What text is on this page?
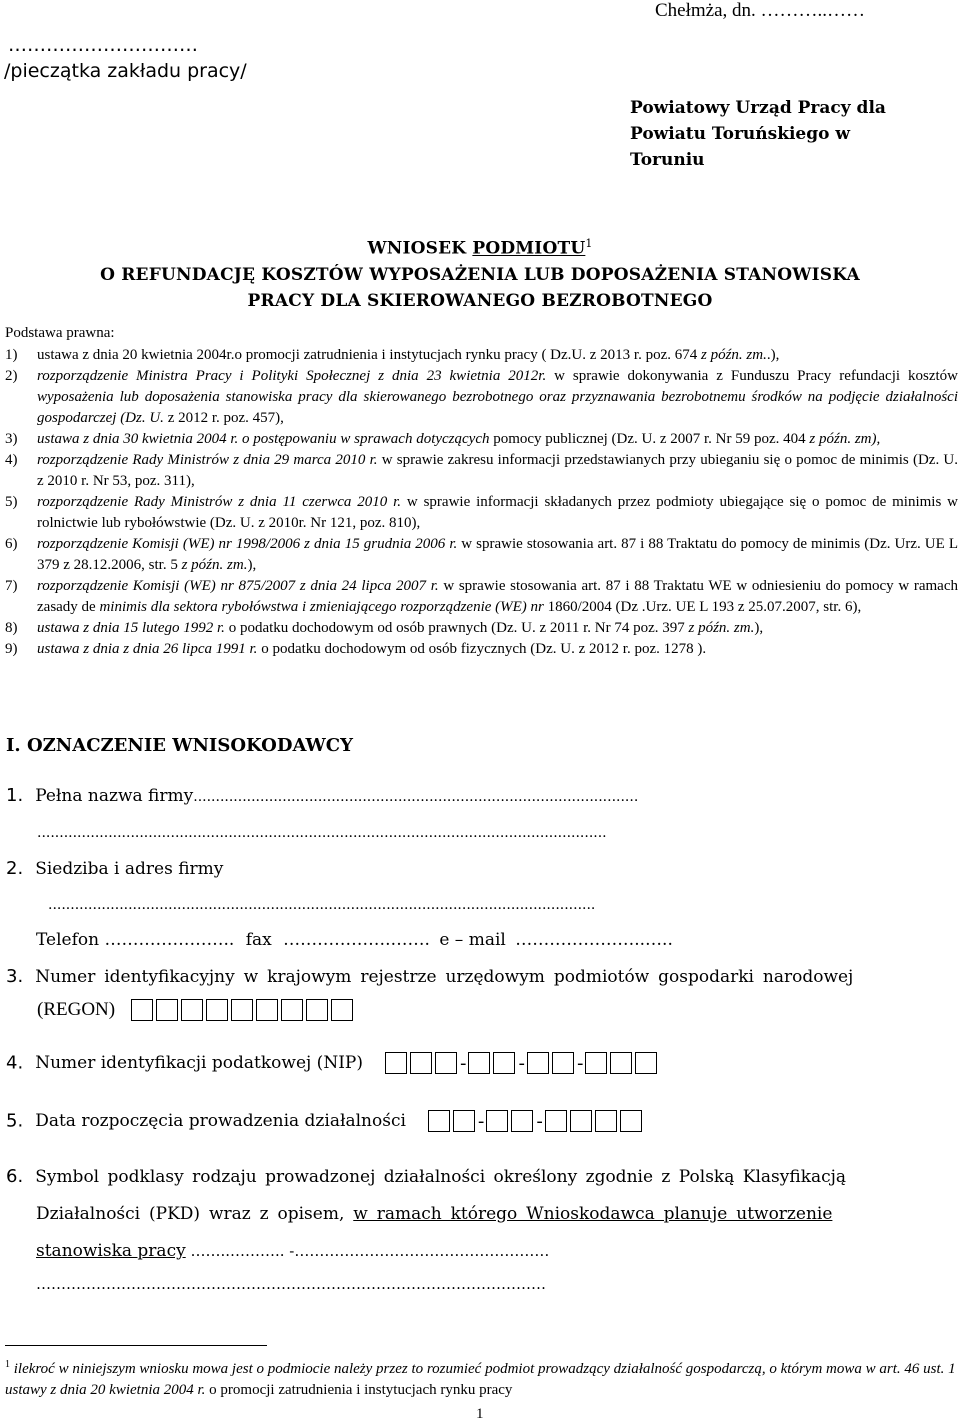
Chełmża, dn. ………..……
…………………………
/pieczątka zakładu pracy/
Powiatowy Urząd Pracy dla
Powiatu Toruńskiego w
Toruniu
WNIOSEK PODMIOTU$^1$
O REFUNDACJĘ KOSZTÓW WYPOSAŻENIA LUB DOPOSAŻENIA STANOWISKA
PRACY DLA SKIEROWANEGO BEZROBOTNEGO
Podstawa prawna:
1)	ustawa z dnia 20 kwietnia 2004r.o promocji zatrudnienia i instytucjach rynku pracy ( Dz.U. z 2013 r. poz. 674 z późn. zm..),
2)	rozporządzenie Ministra Pracy i Polityki Społecznej z dnia 23 kwietnia 2012r. w sprawie dokonywania z Funduszu Pracy refundacji kosztów wyposażenia lub doposażenia stanowiska pracy dla skierowanego bezrobotnego oraz przyznawania bezrobotnemu środków na podjęcie działalności gospodarczej (Dz. U. z 2012 r. poz. 457),
3)	ustawa z dnia 30 kwietnia 2004 r. o postępowaniu w sprawach dotyczących pomocy publicznej (Dz. U. z 2007 r. Nr 59 poz. 404 z późn. zm),
4)	rozporządzenie Rady Ministrów z dnia 29 marca 2010 r. w sprawie zakresu informacji przedstawianych przy ubieganiu się o pomoc de minimis (Dz. U. z 2010 r. Nr 53, poz. 311),
5)	rozporządzenie Rady Ministrów z dnia 11 czerwca 2010 r. w sprawie informacji składanych przez podmioty ubiegające się o pomoc de minimis w rolnictwie lub rybołówstwie (Dz. U. z 2010r. Nr 121, poz. 810),
6)	rozporządzenie Komisji (WE) nr 1998/2006 z dnia 15 grudnia 2006 r. w sprawie stosowania art. 87 i 88 Traktatu do pomocy de minimis (Dz. Urz. UE L 379 z 28.12.2006, str. 5 z późn. zm.),
7)	rozporządzenie Komisji (WE) nr 875/2007 z dnia 24 lipca 2007 r. w sprawie stosowania art. 87 i 88 Traktatu WE w odniesieniu do pomocy w ramach zasady de minimis dla sektora rybołówstwa i zmieniającego rozporządzenie (WE) nr 1860/2004 (Dz .Urz. UE L 193 z 25.07.2007, str. 6),
8)	ustawa z dnia 15 lutego 1992 r. o podatku dochodowym od osób prawnych (Dz. U. z 2011 r. Nr 74 poz. 397 z późn. zm.),
9)	ustawa z dnia z dnia 26 lipca 1991 r. o podatku dochodowym od osób fizycznych (Dz. U. z 2012 r. poz. 1278 ).
I. OZNACZENIE WNISOKODAWCY
1. Pełna nazwa firmy....................................................................................................
................................................................................................................................
2. Siedziba i adres firmy
...........................................................................................................................
Telefon ………………….. fax ……………….……. e – mail …………………..…..
3. Numer identyfikacyjny w krajowym rejestrze urzędowym podmiotów gospodarki narodowej
(REGON)
4. Numer identyfikacji podatkowej (NIP)	-	-	-
5. Data rozpoczęcia prowadzenia działalności	-	-
6. Symbol podklasy rodzaju prowadzonej działalności określony zgodnie z Polską Klasyfikacją
Działalności (PKD) wraz z opisem, w ramach którego Wnioskodawca planuje utworzenie
stanowiska pracy ……..……….. -……………………………………………
…………………………………………………………………………………………
$^1$ ilekroć w niniejszym wniosku mowa jest o podmiocie należy przez to rozumieć podmiot prowadzący działalność gospodarczą, o którym mowa w art. 46 ust. 1 ustawy z dnia 20 kwietnia 2004 r. o promocji zatrudnienia i instytucjach rynku pracy
1
